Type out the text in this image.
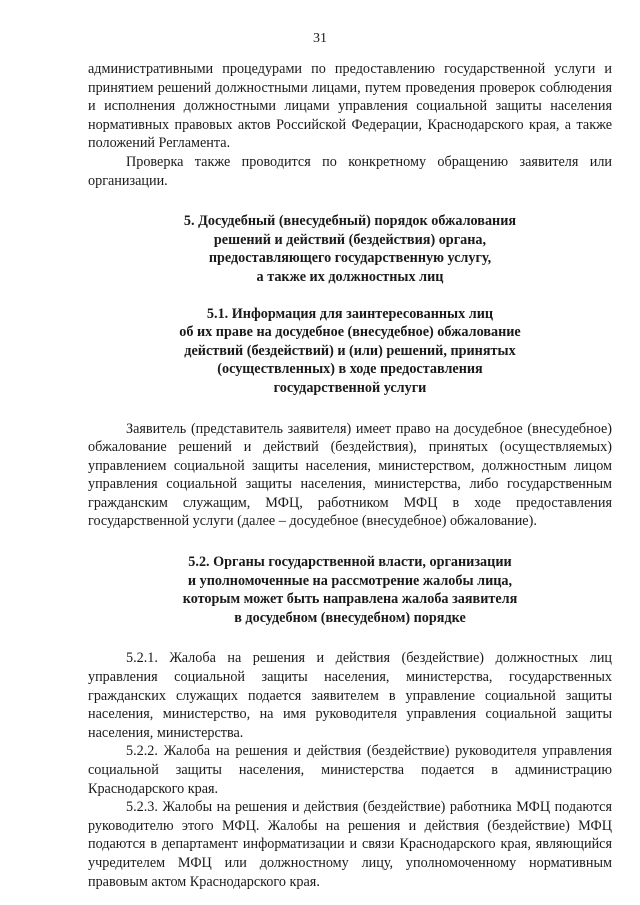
31

административными процедурами по предоставлению государственной услуги и принятием решений должностными лицами, путем проведения проверок соблюдения и исполнения должностными лицами управления социальной защиты населения нормативных правовых актов Российской Федерации, Краснодарского края, а также положений Регламента.

Проверка также проводится по конкретному обращению заявителя или организации.

5. Досудебный (внесудебный) порядок обжалования

решений и действий (бездействия) органа,

предоставляющего государственную услугу,

а также их должностных лиц

5.1. Информация для заинтересованных лиц

об их праве на досудебное (внесудебное) обжалование

действий (бездействий) и (или) решений, принятых

(осуществленных) в ходе предоставления

государственной услуги

Заявитель (представитель заявителя) имеет право на досудебное (внесудебное) обжалование решений и действий (бездействия), принятых (осуществляемых) управлением социальной защиты населения, министерством, должностным лицом управления социальной защиты населения, министерства, либо государственным гражданским служащим, МФЦ, работником МФЦ в ходе предоставления государственной услуги (далее – досудебное (внесудебное) обжалование).

5.2. Органы государственной власти, организации

и уполномоченные на рассмотрение жалобы лица,

которым может быть направлена жалоба заявителя

в досудебном (внесудебном) порядке

5.2.1. Жалоба на решения и действия (бездействие) должностных лиц управления социальной защиты населения, министерства, государственных гражданских служащих подается заявителем в управление социальной защиты населения, министерство, на имя руководителя управления социальной защиты населения, министерства.

5.2.2. Жалоба на решения и действия (бездействие) руководителя управления социальной защиты населения, министерства подается в администрацию Краснодарского края.

5.2.3. Жалобы на решения и действия (бездействие) работника МФЦ подаются руководителю этого МФЦ. Жалобы на решения и действия (бездействие) МФЦ подаются в департамент информатизации и связи Краснодарского края, являющийся учредителем МФЦ или должностному лицу, уполномоченному нормативным правовым актом Краснодарского края.
